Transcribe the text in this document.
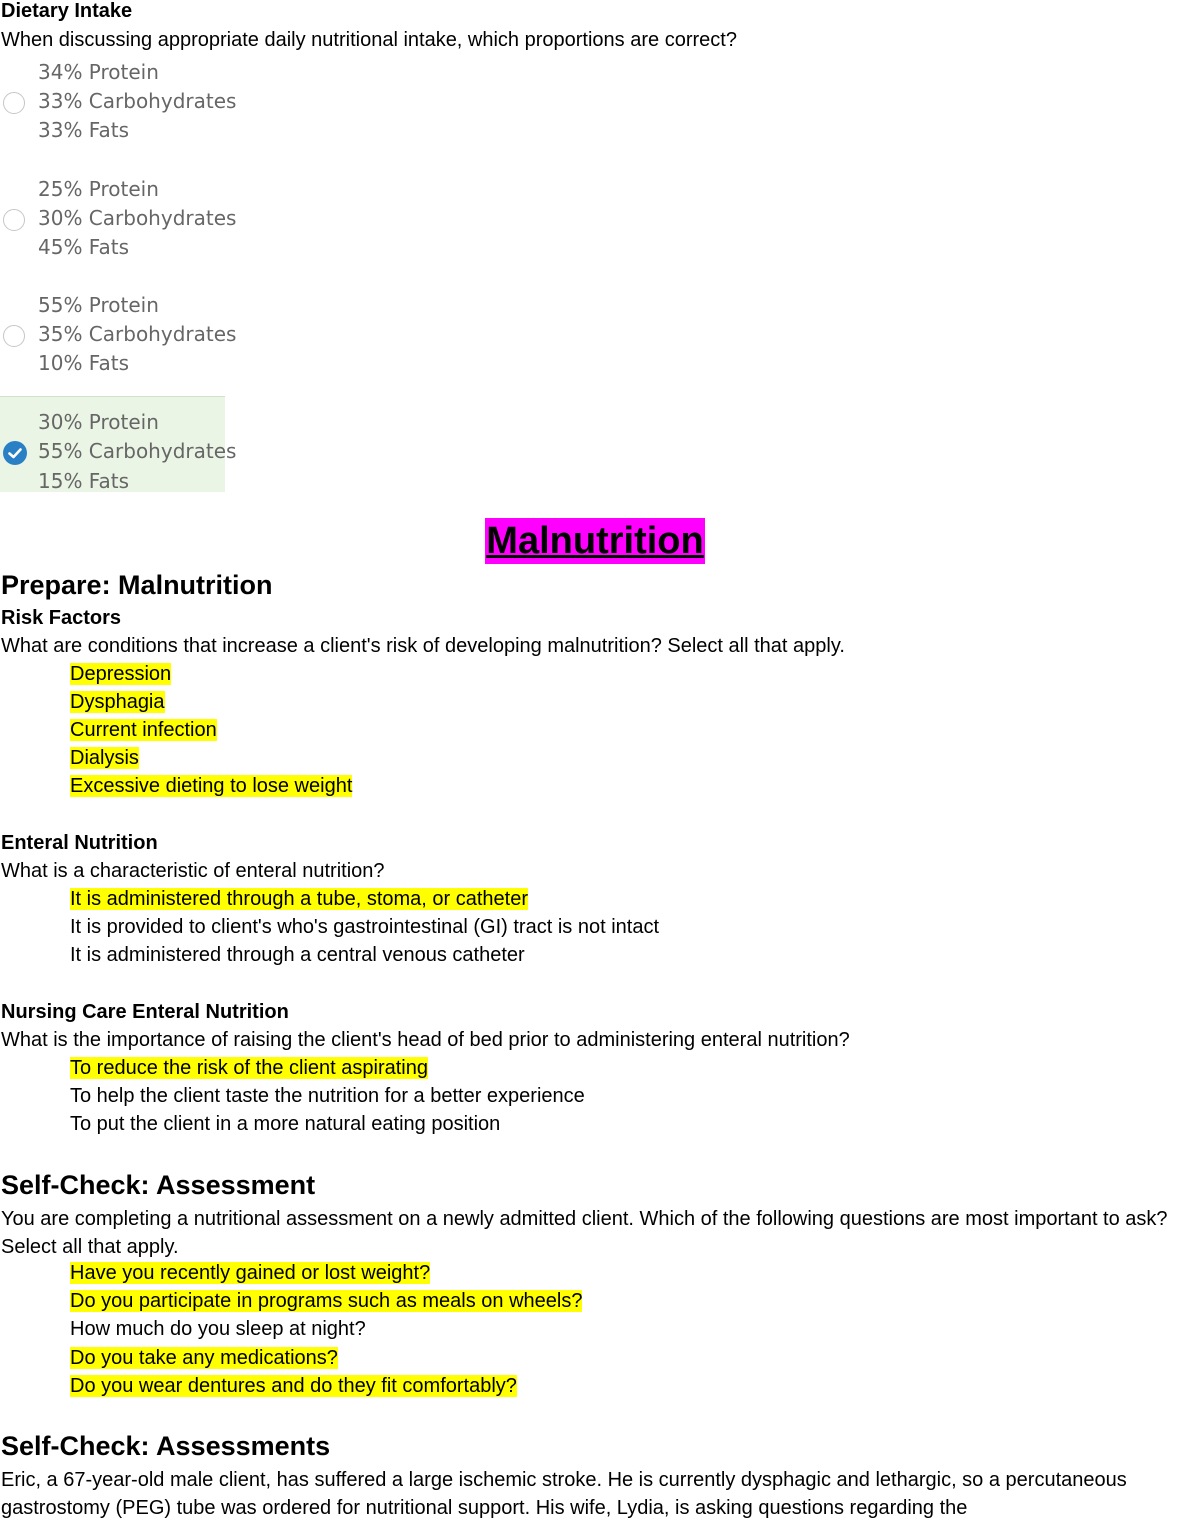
Dietary Intake
When discussing appropriate daily nutritional intake, which proportions are correct?
34% Protein
33% Carbohydrates
33% Fats
25% Protein
30% Carbohydrates
45% Fats
55% Protein
35% Carbohydrates
10% Fats
30% Protein
55% Carbohydrates
15% Fats
Malnutrition
Prepare: Malnutrition
Risk Factors
What are conditions that increase a client's risk of developing malnutrition? Select all that apply.
Depression
Dysphagia
Current infection
Dialysis
Excessive dieting to lose weight
Enteral Nutrition
What is a characteristic of enteral nutrition?
It is administered through a tube, stoma, or catheter
It is provided to client's who's gastrointestinal (GI) tract is not intact
It is administered through a central venous catheter
Nursing Care Enteral Nutrition
What is the importance of raising the client's head of bed prior to administering enteral nutrition?
To reduce the risk of the client aspirating
To help the client taste the nutrition for a better experience
To put the client in a more natural eating position
Self-Check: Assessment
You are completing a nutritional assessment on a newly admitted client. Which of the following questions are most important to ask? Select all that apply.
Have you recently gained or lost weight?
Do you participate in programs such as meals on wheels?
How much do you sleep at night?
Do you take any medications?
Do you wear dentures and do they fit comfortably?
Self-Check: Assessments
Eric, a 67-year-old male client, has suffered a large ischemic stroke. He is currently dysphagic and lethargic, so a percutaneous gastrostomy (PEG) tube was ordered for nutritional support. His wife, Lydia, is asking questions regarding the
